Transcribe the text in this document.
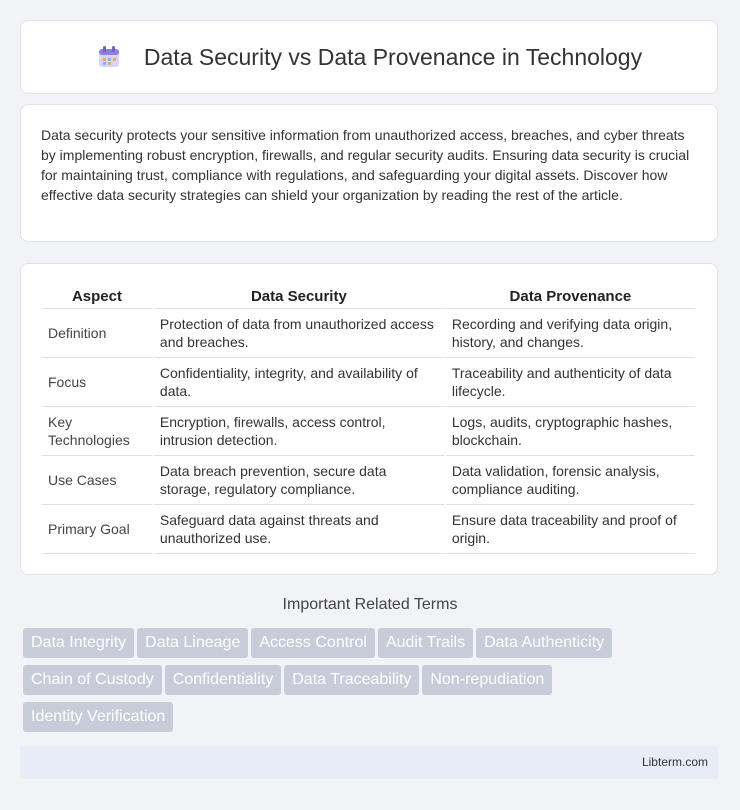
Data Security vs Data Provenance in Technology
Data security protects your sensitive information from unauthorized access, breaches, and cyber threats by implementing robust encryption, firewalls, and regular security audits. Ensuring data security is crucial for maintaining trust, compliance with regulations, and safeguarding your digital assets. Discover how effective data security strategies can shield your organization by reading the rest of the article.
Aspect	Data Security	Data Provenance
Definition	Protection of data from unauthorized access and breaches.	Recording and verifying data origin, history, and changes.
Focus	Confidentiality, integrity, and availability of data.	Traceability and authenticity of data lifecycle.
Key Technologies	Encryption, firewalls, access control, intrusion detection.	Logs, audits, cryptographic hashes, blockchain.
Use Cases	Data breach prevention, secure data storage, regulatory compliance.	Data validation, forensic analysis, compliance auditing.
Primary Goal	Safeguard data against threats and unauthorized use.	Ensure data traceability and proof of origin.
Important Related Terms
Data Integrity Data Lineage Access Control Audit Trails Data Authenticity
Chain of Custody Confidentiality Data Traceability Non-repudiation
Identity Verification
Libterm.com
